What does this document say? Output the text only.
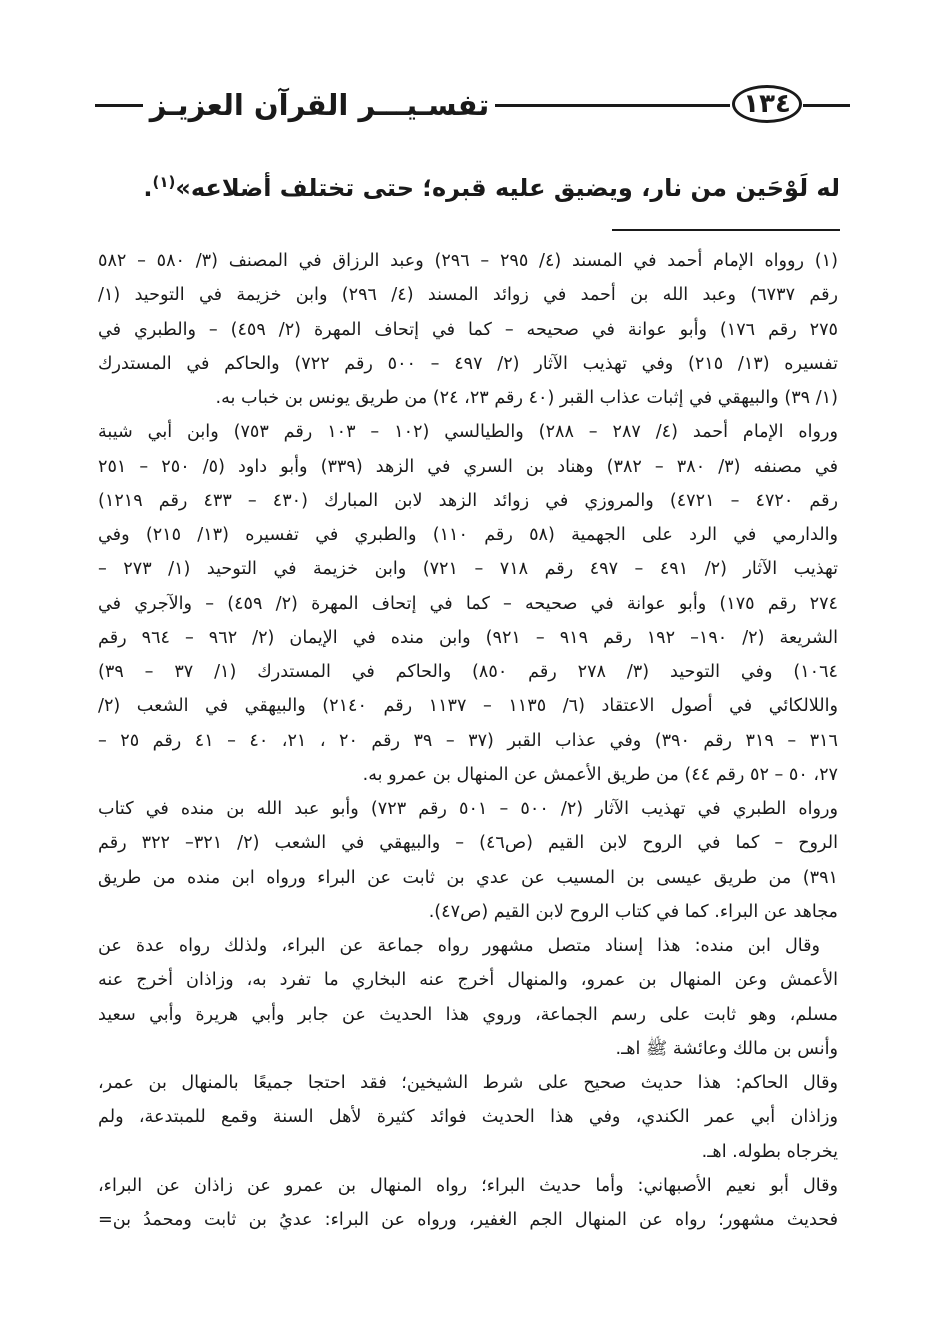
١٣٤
تفسـيـــر القرآن العزيـز
له لَوْحَين من نار، ويضيق عليه قبره؛ حتى تختلف أضلاعه»$^{(١)}$.
(١) روواه الإمام أحمد في المسند (٤/ ٢٩٥ – ٢٩٦) وعبد الرزاق في المصنف (٣/ ٥٨٠ – ٥٨٢
رقم ٦٧٣٧) وعبد الله بن أحمد في زوائد المسند (٤/ ٢٩٦) وابن خزيمة في التوحيد (١/
٢٧٥ رقم ١٧٦) وأبو عوانة في صحيحه – كما في إتحاف المهرة (٢/ ٤٥٩) – والطبري في
تفسيره (١٣/ ٢١٥) وفي تهذيب الآثار (٢/ ٤٩٧ – ٥٠٠ رقم ٧٢٢) والحاكم في المستدرك
(١/ ٣٩) والبيهقي في إثبات عذاب القبر (٤٠ رقم ٢٣، ٢٤) من طريق يونس بن خباب به.
ورواه الإمام أحمد (٤/ ٢٨٧ – ٢٨٨) والطيالسي (١٠٢ – ١٠٣ رقم ٧٥٣) وابن أبي شيبة
في مصنفه (٣/ ٣٨٠ – ٣٨٢) وهناد بن السري في الزهد (٣٣٩) وأبو داود (٥/ ٢٥٠ – ٢٥١
رقم ٤٧٢٠ – ٤٧٢١) والمروزي في زوائد الزهد لابن المبارك (٤٣٠ – ٤٣٣ رقم ١٢١٩)
والدارمي في الرد على الجهمية (٥٨ رقم ١١٠) والطبري في تفسيره (١٣/ ٢١٥) وفي
تهذيب الآثار (٢/ ٤٩١ – ٤٩٧ رقم ٧١٨ – ٧٢١) وابن خزيمة في التوحيد (١/ ٢٧٣ –
٢٧٤ رقم ١٧٥) وأبو عوانة في صحيحه – كما في إتحاف المهرة (٢/ ٤٥٩) – والآجري في
الشريعة (٢/ ١٩٠– ١٩٢ رقم ٩١٩ – ٩٢١) وابن منده في الإيمان (٢/ ٩٦٢ – ٩٦٤ رقم
١٠٦٤) وفي التوحيد (٣/ ٢٧٨ رقم ٨٥٠) والحاكم في المستدرك (١/ ٣٧ – ٣٩)
واللالكائي في أصول الاعتقاد (٦/ ١١٣٥ – ١١٣٧ رقم ٢١٤٠) والبيهقي في الشعب (٢/
٣١٦ – ٣١٩ رقم ٣٩٠) وفي عذاب القبر (٣٧ – ٣٩ رقم ٢٠ ، ٢١، ٤٠ – ٤١ رقم ٢٥ –
٢٧، ٥٠ – ٥٢ رقم ٤٤) من طريق الأعمش عن المنهال بن عمرو به.
ورواه الطبري في تهذيب الآثار (٢/ ٥٠٠ – ٥٠١ رقم ٧٢٣) وأبو عبد الله بن منده في كتاب
الروح – كما في الروح لابن القيم (ص٤٦) – والبيهقي في الشعب (٢/ ٣٢١– ٣٢٢ رقم
٣٩١) من طريق عيسى بن المسيب عن عدي بن ثابت عن البراء ورواه ابن منده من طريق
مجاهد عن البراء. كما في كتاب الروح لابن القيم (ص٤٧).
وقال ابن منده: هذا إسناد متصل مشهور رواه جماعة عن البراء، ولذلك رواه عدة عن
الأعمش وعن المنهال بن عمرو، والمنهال أخرج عنه البخاري ما تفرد به، وزاذان أخرج عنه
مسلم، وهو ثابت على رسم الجماعة، وروي هذا الحديث عن جابر وأبي هريرة وأبي سعيد
وأنس بن مالك وعائشة ﷺ اهـ.
وقال الحاكم: هذا حديث صحيح على شرط الشيخين؛ فقد احتجا جميعًا بالمنهال بن عمر،
وزاذان أبي عمر الكندي، وفي هذا الحديث فوائد كثيرة لأهل السنة وقمع للمبتدعة، ولم
يخرجاه بطوله. اهـ.
وقال أبو نعيم الأصبهاني: وأما حديث البراء؛ رواه المنهال بن عمرو عن زاذان عن البراء،
فحديث مشهور؛ رواه عن المنهال الجم الغفير، ورواه عن البراء: عديُ بن ثابت ومحمدُ بن=
